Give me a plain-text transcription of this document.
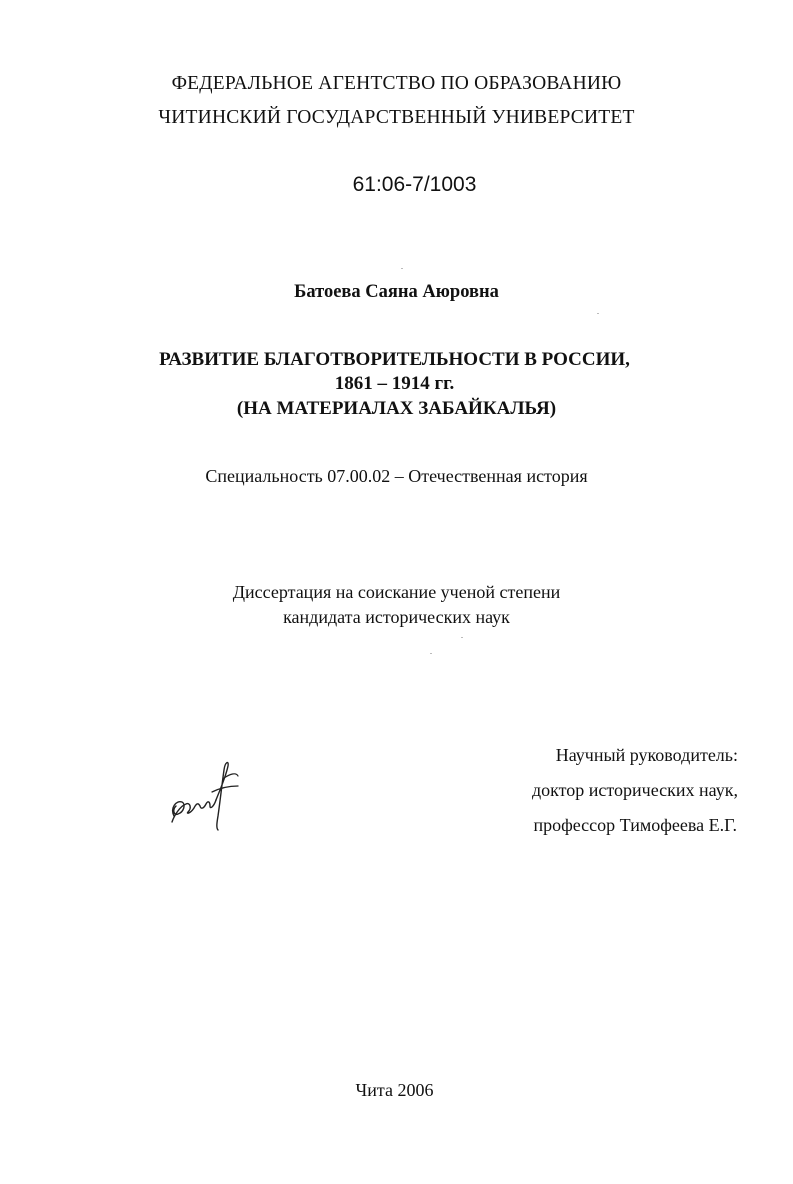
ФЕДЕРАЛЬНОЕ АГЕНТСТВО ПО ОБРАЗОВАНИЮ
ЧИТИНСКИЙ ГОСУДАРСТВЕННЫЙ УНИВЕРСИТЕТ
61:06-7/1003
Батоева Саяна Аюровна
РАЗВИТИЕ БЛАГОТВОРИТЕЛЬНОСТИ В РОССИИ,
1861 – 1914 гг.
(НА МАТЕРИАЛАХ ЗАБАЙКАЛЬЯ)
Специальность 07.00.02 – Отечественная история
Диссертация на соискание ученой степени
кандидата исторических наук
Научный руководитель:
доктор исторических наук,
профессор Тимофеева Е.Г.
Чита 2006
